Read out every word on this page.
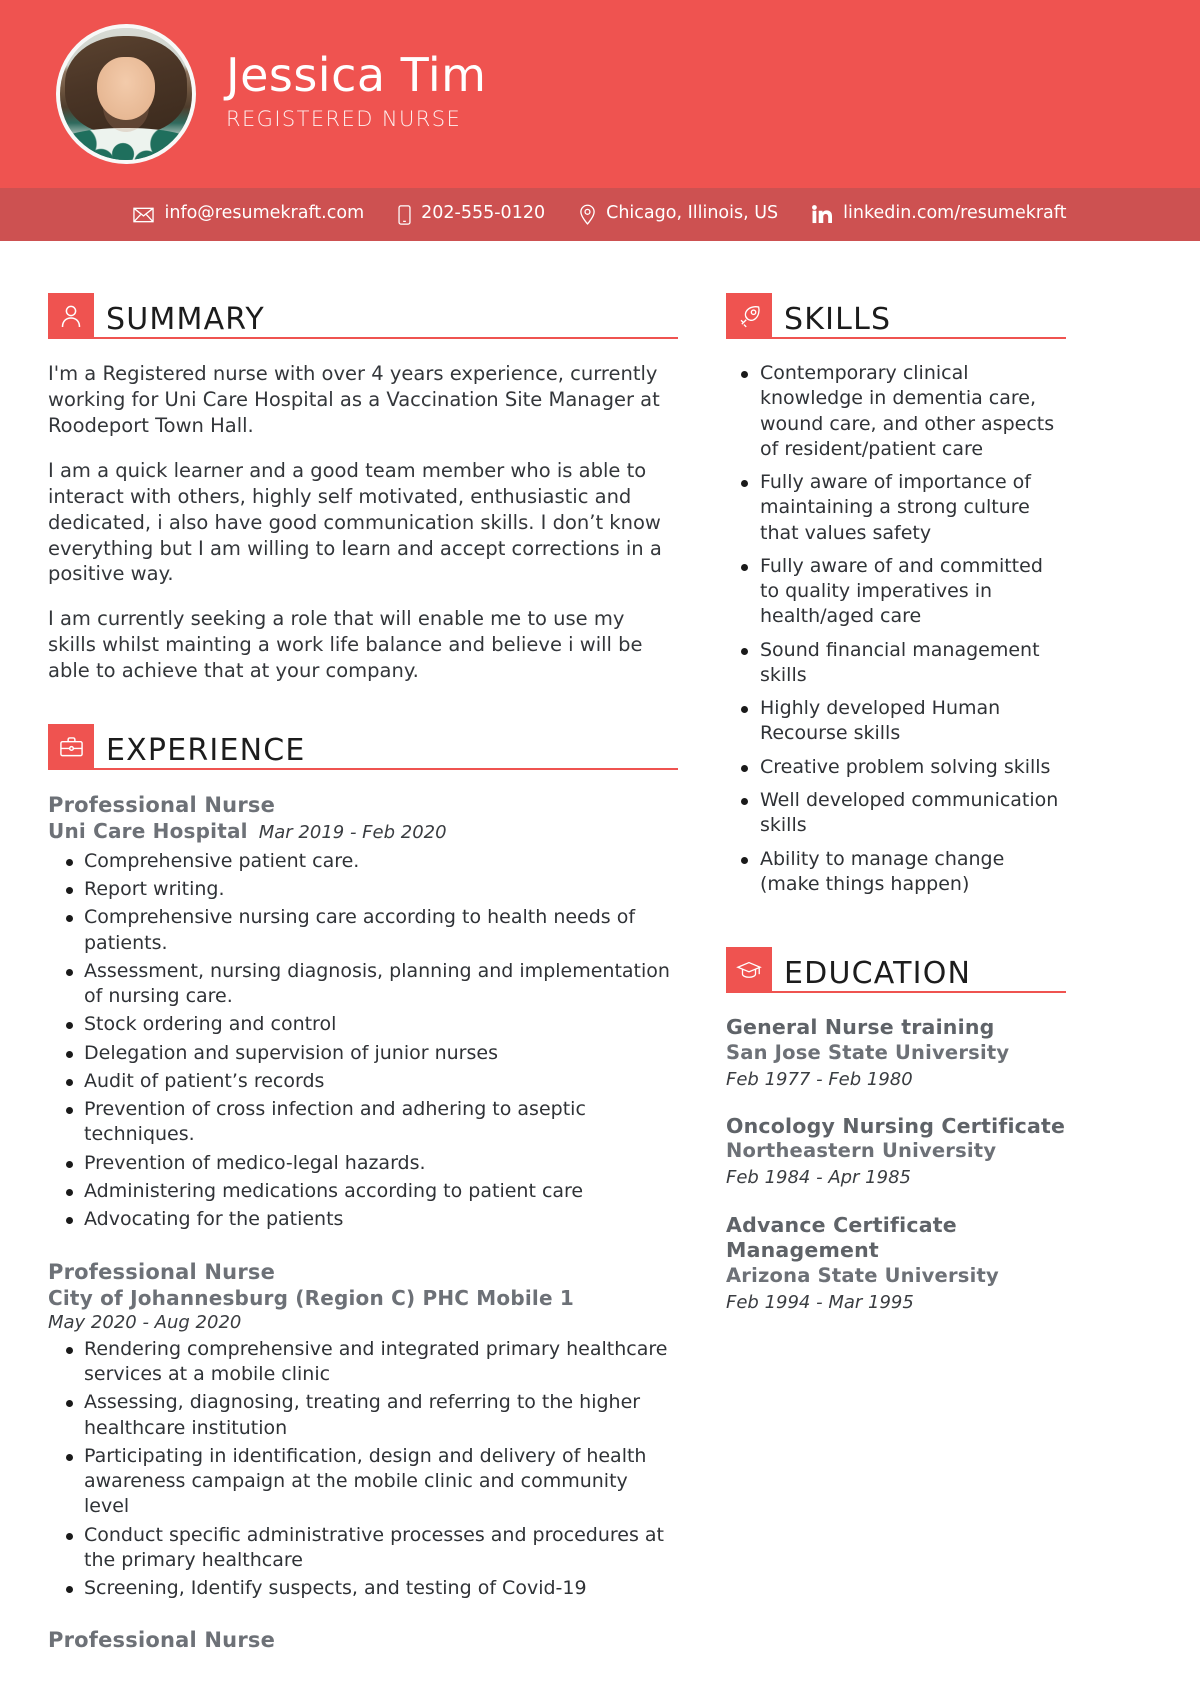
Jessica Tim
REGISTERED NURSE
info@resumekraft.com	202-555-0120	Chicago, Illinois, US	linkedin.com/resumekraft
SUMMARY

I'm a Registered nurse with over 4 years experience, currently working for Uni Care Hospital as a Vaccination Site Manager at Roodeport Town Hall.

I am a quick learner and a good team member who is able to interact with others, highly self motivated, enthusiastic and dedicated, i also have good communication skills. I don’t know everything but I am willing to learn and accept corrections in a positive way.

I am currently seeking a role that will enable me to use my skills whilst mainting a work life balance and believe i will be able to achieve that at your company.

EXPERIENCE
Professional Nurse
Uni Care Hospital Mar 2019 - Feb 2020
Comprehensive patient care.
Report writing.
Comprehensive nursing care according to health needs of patients.
Assessment, nursing diagnosis, planning and implementation of nursing care.
Stock ordering and control
Delegation and supervision of junior nurses
Audit of patient’s records
Prevention of cross infection and adhering to aseptic techniques.
Prevention of medico-legal hazards.
Administering medications according to patient care
Advocating for the patients
Professional Nurse
City of Johannesburg (Region C) PHC Mobile 1
May 2020 - Aug 2020
Rendering comprehensive and integrated primary healthcare services at a mobile clinic
Assessing, diagnosing, treating and referring to the higher healthcare institution
Participating in identification, design and delivery of health awareness campaign at the mobile clinic and community level
Conduct specific administrative processes and procedures at the primary healthcare
Screening, Identify suspects, and testing of Covid-19
Professional Nurse
SKILLS
Contemporary clinical knowledge in dementia care, wound care, and other aspects of resident/patient care
Fully aware of importance of maintaining a strong culture that values safety
Fully aware of and committed to quality imperatives in health/aged care
Sound financial management skills
Highly developed Human Recourse skills
Creative problem solving skills
Well developed communication skills
Ability to manage change (make things happen)
EDUCATION
General Nurse training
San Jose State University
Feb 1977 - Feb 1980
Oncology Nursing Certificate
Northeastern University
Feb 1984 - Apr 1985
Advance Certificate Management
Arizona State University
Feb 1994 - Mar 1995
